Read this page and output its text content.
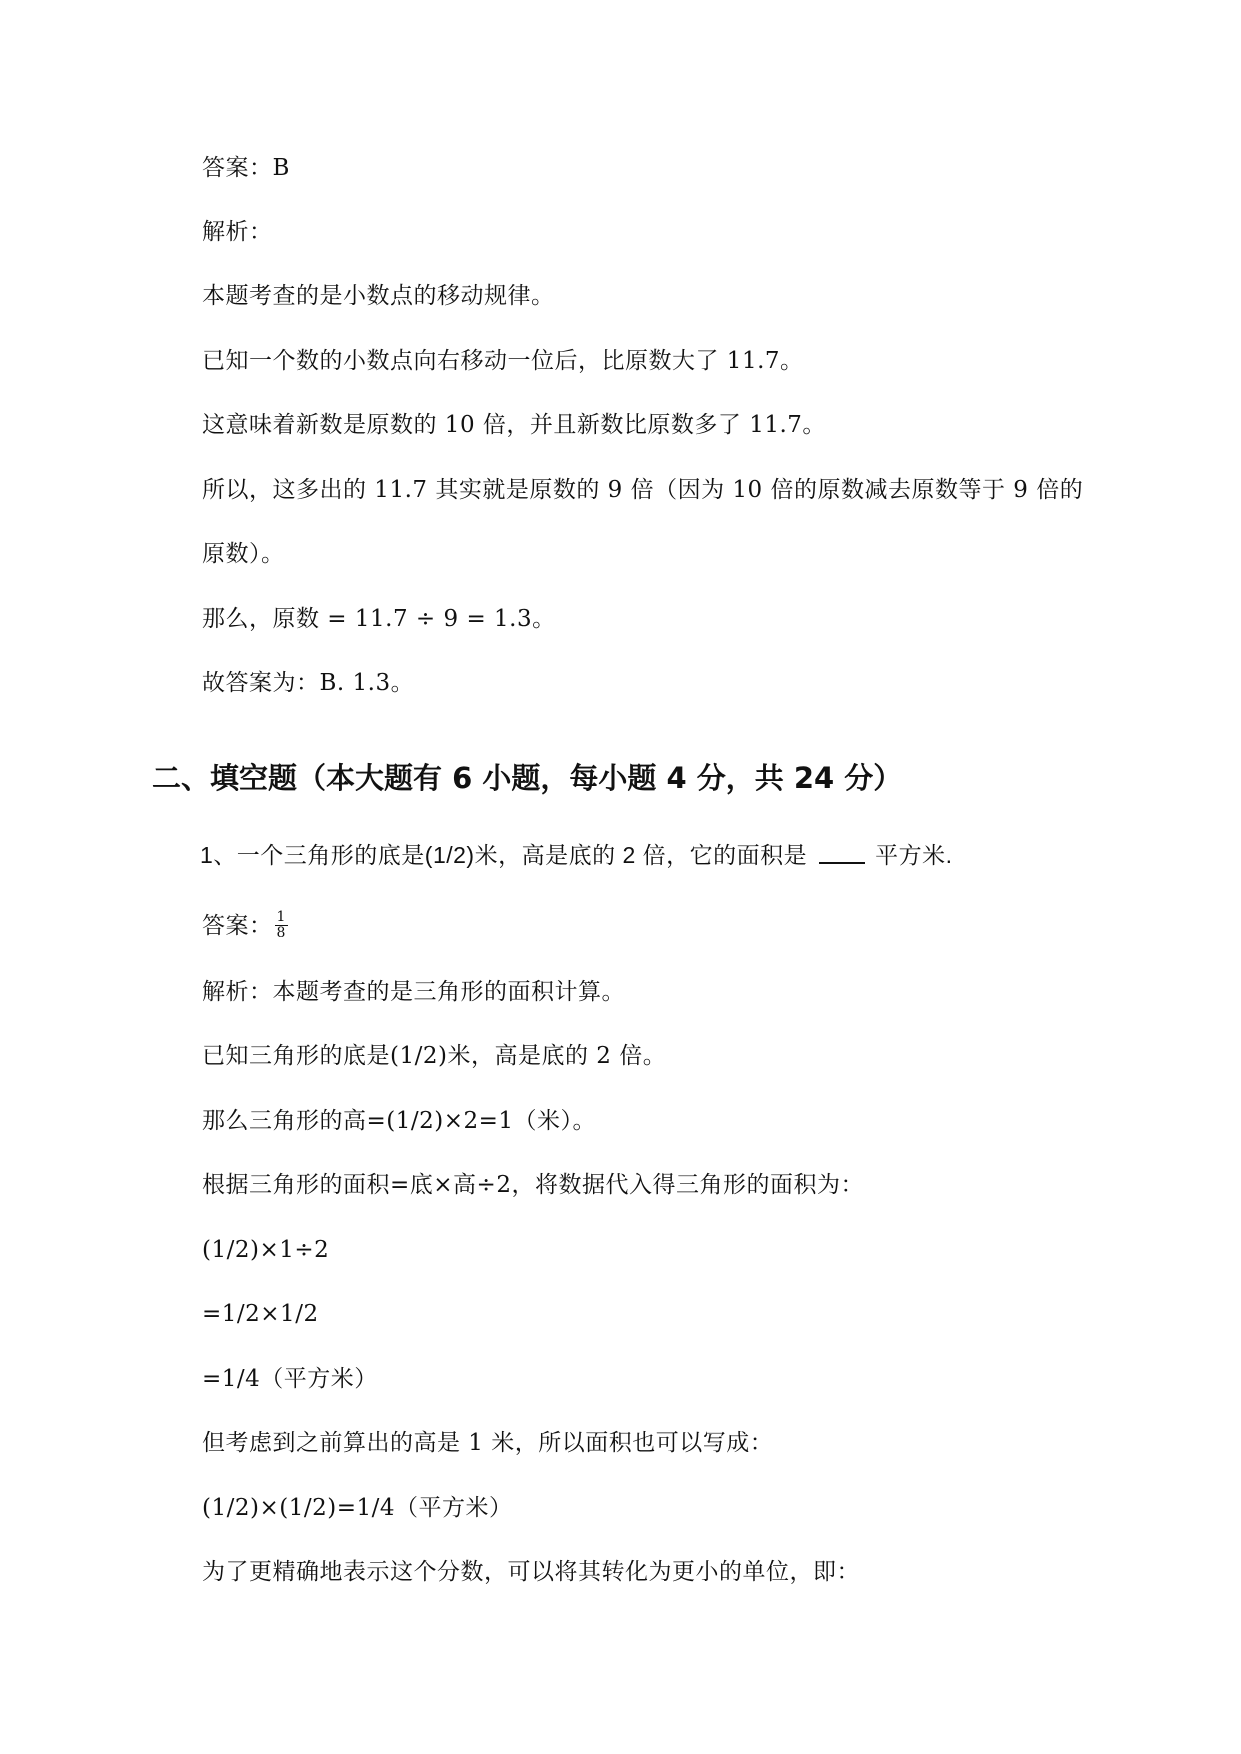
答案：B
解析：
本题考查的是小数点的移动规律。
已知一个数的小数点向右移动一位后，比原数大了 11.7。
这意味着新数是原数的 10 倍，并且新数比原数多了 11.7。
所以，这多出的 11.7 其实就是原数的 9 倍（因为 10 倍的原数减去原数等于 9 倍的
原数）。
那么，原数 = 11.7 ÷ 9 = 1.3。
故答案为：B. 1.3。
二、填空题（本大题有 6 小题，每小题 4 分，共 24 分）
1、一个三角形的底是(1/2)米，高是底的 2 倍，它的面积是	平方米.
答案： $\frac{1}{8}$
解析：本题考查的是三角形的面积计算。
已知三角形的底是(1/2)米，高是底的 2 倍。
那么三角形的高=(1/2)×2=1（米）。
根据三角形的面积=底×高÷2，将数据代入得三角形的面积为：
(1/2)×1÷2
=1/2×1/2
=1/4（平方米）
但考虑到之前算出的高是 1 米，所以面积也可以写成：
(1/2)×(1/2)=1/4（平方米）
为了更精确地表示这个分数，可以将其转化为更小的单位，即：
